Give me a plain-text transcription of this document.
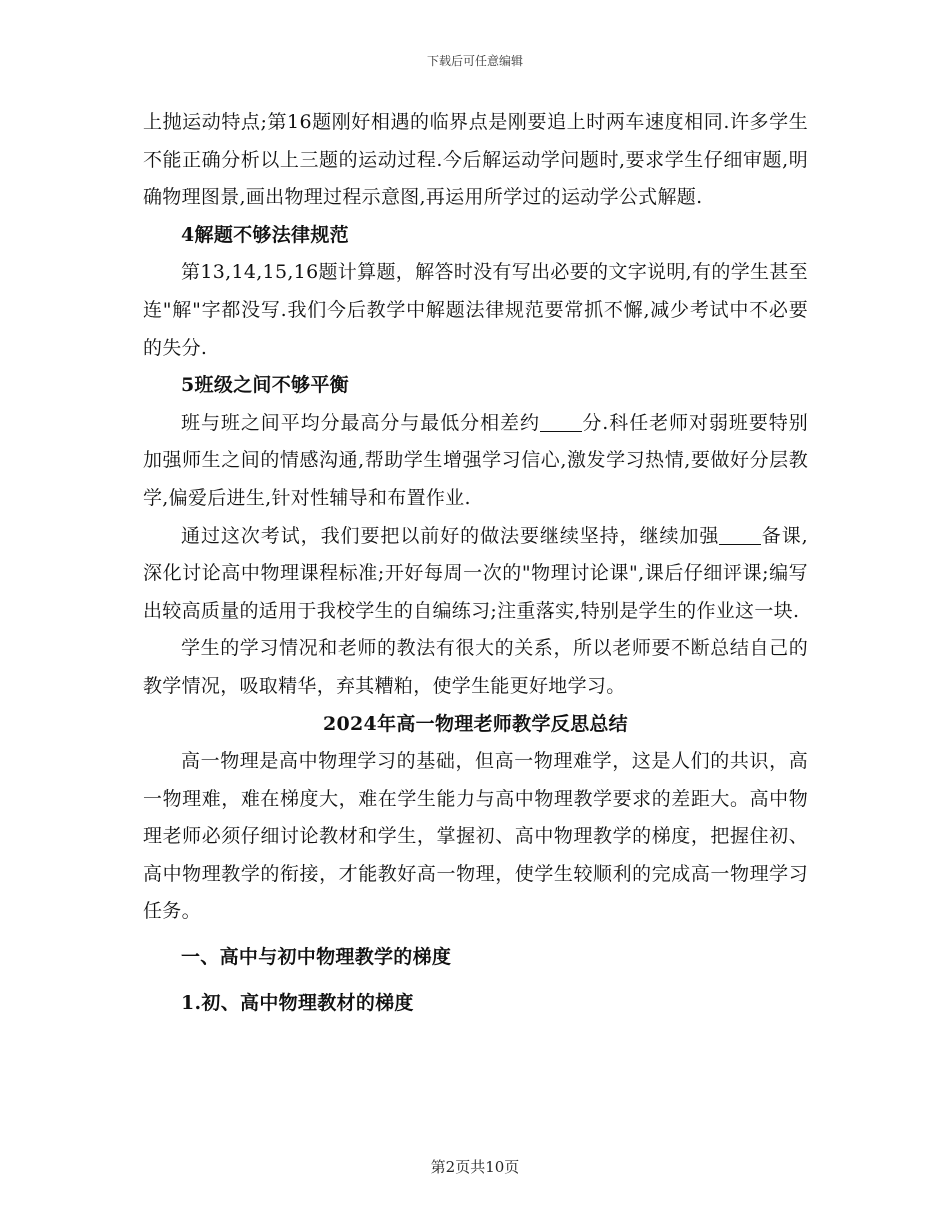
下载后可任意编辑

上抛运动特点;第16题刚好相遇的临界点是刚要追上时两车速度相同.许多学生不能正确分析以上三题的运动过程.今后解运动学问题时,要求学生仔细审题,明确物理图景,画出物理过程示意图,再运用所学过的运动学公式解题.

4解题不够法律规范

第13,14,15,16题计算题，解答时没有写出必要的文字说明,有的学生甚至连"解"字都没写.我们今后教学中解题法律规范要常抓不懈,减少考试中不必要的失分.

5班级之间不够平衡

班与班之间平均分最高分与最低分相差约 分.科任老师对弱班要特别加强师生之间的情感沟通,帮助学生增强学习信心,激发学习热情,要做好分层教学,偏爱后进生,针对性辅导和布置作业.

通过这次考试，我们要把以前好的做法要继续坚持，继续加强 备课,深化讨论高中物理课程标准;开好每周一次的"物理讨论课",课后仔细评课;编写出较高质量的适用于我校学生的自编练习;注重落实,特别是学生的作业这一块.

学生的学习情况和老师的教法有很大的关系，所以老师要不断总结自己的教学情况，吸取精华，弃其糟粕，使学生能更好地学习。

2024年高一物理老师教学反思总结

高一物理是高中物理学习的基础，但高一物理难学，这是人们的共识，高一物理难，难在梯度大，难在学生能力与高中物理教学要求的差距大。高中物理老师必须仔细讨论教材和学生，掌握初、高中物理教学的梯度，把握住初、高中物理教学的衔接，才能教好高一物理，使学生较顺利的完成高一物理学习任务。

一、高中与初中物理教学的梯度

1.初、高中物理教材的梯度

第2页共10页
